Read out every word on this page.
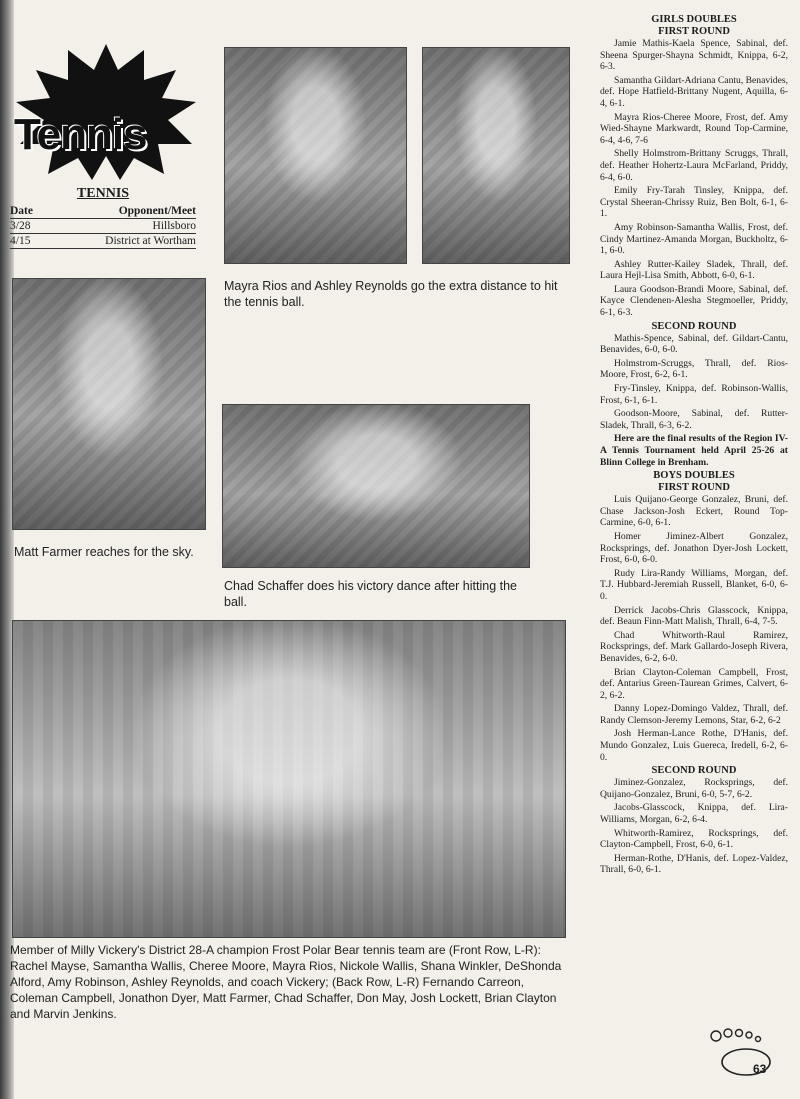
Tennis
TENNIS
Date	Opponent/Meet
3/28	Hillsboro
4/15	District at Wortham
Mayra Rios and Ashley Reynolds go the extra distance to hit the tennis ball.
Matt Farmer reaches for the sky.
Chad Schaffer does his victory dance after hitting the ball.
Member of Milly Vickery's District 28-A champion Frost Polar Bear tennis team are (Front Row, L-R): Rachel Mayse, Samantha Wallis, Cheree Moore, Mayra Rios, Nickole Wallis, Shana Winkler, DeShonda Alford, Amy Robinson, Ashley Reynolds, and coach Vickery; (Back Row, L-R) Fernando Carreon, Coleman Campbell, Jonathon Dyer, Matt Farmer, Chad Schaffer, Don May, Josh Lockett, Brian Clayton and Marvin Jenkins.
GIRLS DOUBLES
FIRST ROUND
Jamie Mathis-Kaela Spence, Sabinal, def. Sheena Spurger-Shayna Schmidt, Knippa, 6-2, 6-3.
Samantha Gildart-Adriana Cantu, Benavides, def. Hope Hatfield-Brittany Nugent, Aquilla, 6-4, 6-1.
Mayra Rios-Cheree Moore, Frost, def. Amy Wied-Shayne Markwardt, Round Top-Carmine, 6-4, 4-6, 7-6
Shelly Holmstrom-Brittany Scruggs, Thrall, def. Heather Hohertz-Laura McFarland, Priddy, 6-4, 6-0.
Emily Fry-Tarah Tinsley, Knippa, def. Crystal Sheeran-Chrissy Ruiz, Ben Bolt, 6-1, 6-1.
Amy Robinson-Samantha Wallis, Frost, def. Cindy Martinez-Amanda Morgan, Buckholtz, 6-1, 6-0.
Ashley Rutter-Kailey Sladek, Thrall, def. Laura Hejl-Lisa Smith, Abbott, 6-0, 6-1.
Laura Goodson-Brandi Moore, Sabinal, def. Kayce Clendenen-Alesha Stegmoeller, Priddy, 6-1, 6-3.
SECOND ROUND
Mathis-Spence, Sabinal, def. Gildart-Cantu, Benavides, 6-0, 6-0.
Holmstrom-Scruggs, Thrall, def. Rios-Moore, Frost, 6-2, 6-1.
Fry-Tinsley, Knippa, def. Robinson-Wallis, Frost, 6-1, 6-1.
Goodson-Moore, Sabinal, def. Rutter-Sladek, Thrall, 6-3, 6-2.
Here are the final results of the Region IV-A Tennis Tournament held April 25-26 at Blinn College in Brenham.
BOYS DOUBLES
FIRST ROUND
Luis Quijano-George Gonzalez, Bruni, def. Chase Jackson-Josh Eckert, Round Top-Carmine, 6-0, 6-1.
Homer Jiminez-Albert Gonzalez, Rocksprings, def. Jonathon Dyer-Josh Lockett, Frost, 6-0, 6-0.
Rudy Lira-Randy Williams, Morgan, def. T.J. Hubbard-Jeremiah Russell, Blanket, 6-0, 6-0.
Derrick Jacobs-Chris Glasscock, Knippa, def. Beaun Finn-Matt Malish, Thrall, 6-4, 7-5.
Chad Whitworth-Raul Ramirez, Rocksprings, def. Mark Gallardo-Joseph Rivera, Benavides, 6-2, 6-0.
Brian Clayton-Coleman Campbell, Frost, def. Antarius Green-Taurean Grimes, Calvert, 6-2, 6-2.
Danny Lopez-Domingo Valdez, Thrall, def. Randy Clemson-Jeremy Lemons, Star, 6-2, 6-2
Josh Herman-Lance Rothe, D'Hanis, def. Mundo Gonzalez, Luis Guereca, Iredell, 6-2, 6-0.
SECOND ROUND
Jiminez-Gonzalez, Rocksprings, def. Quijano-Gonzalez, Bruni, 6-0, 5-7, 6-2.
Jacobs-Glasscock, Knippa, def. Lira-Williams, Morgan, 6-2, 6-4.
Whitworth-Ramirez, Rocksprings, def. Clayton-Campbell, Frost, 6-0, 6-1.
Herman-Rothe, D'Hanis, def. Lopez-Valdez, Thrall, 6-0, 6-1.
63
